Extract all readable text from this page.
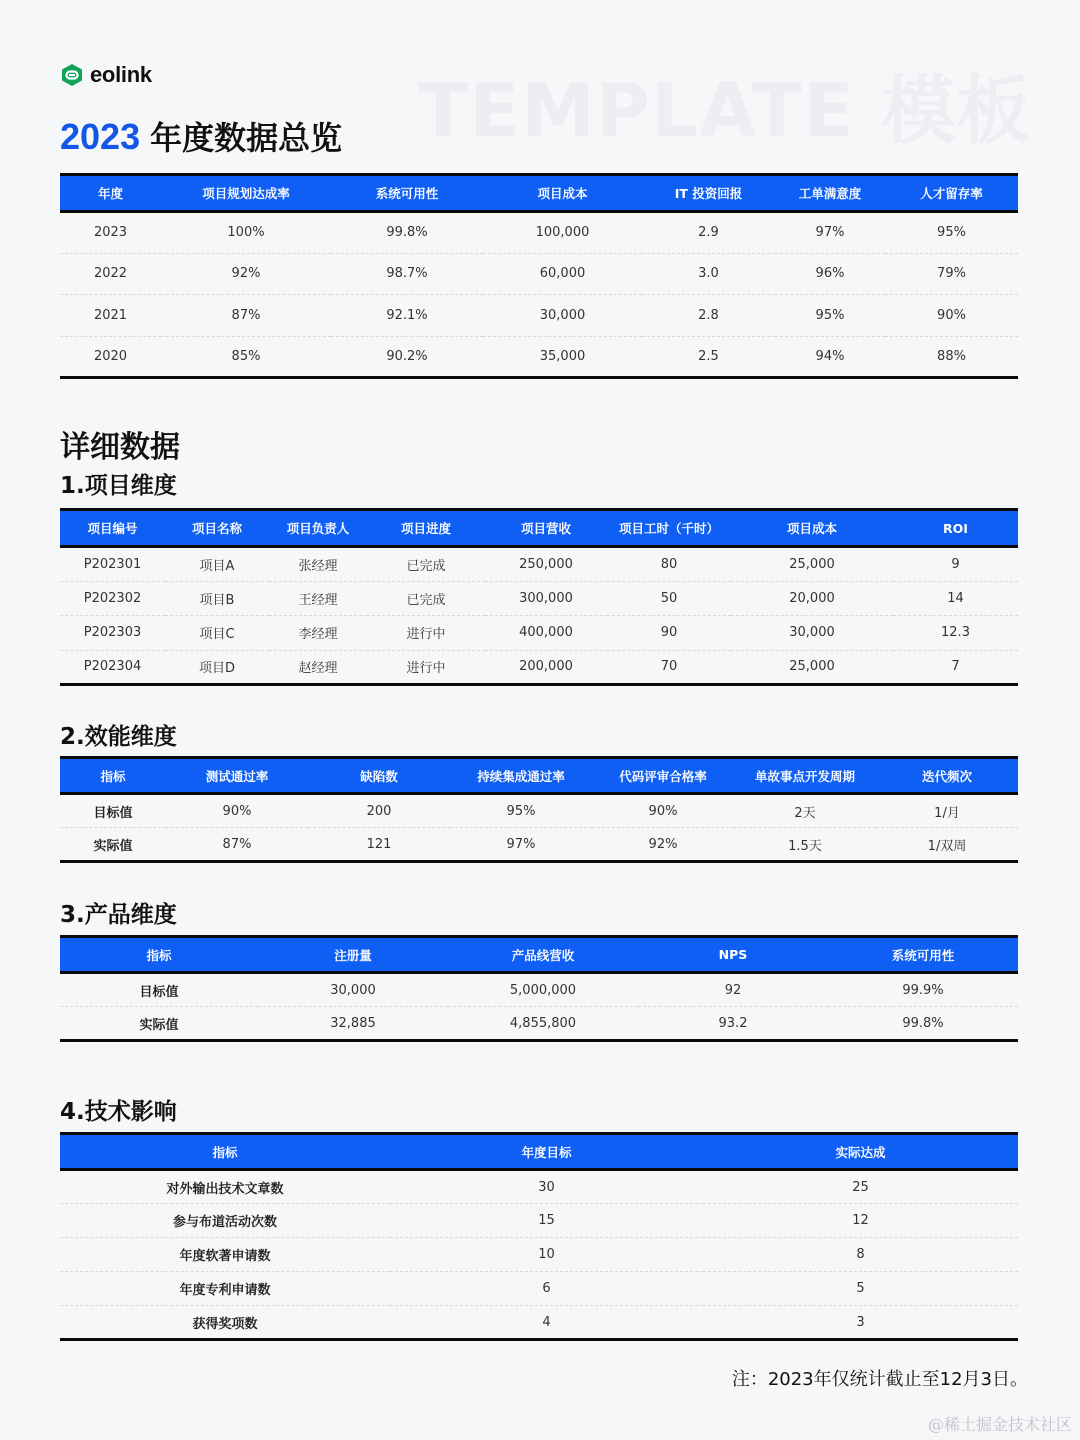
TEMPLATE 模板
eolink
2023 年度数据总览
年度	项目规划达成率	系统可用性	项目成本	IT 投资回报	工单满意度	人才留存率
2023	100%	99.8%	100,000	2.9	97%	95%
2022	92%	98.7%	60,000	3.0	96%	79%
2021	87%	92.1%	30,000	2.8	95%	90%
2020	85%	90.2%	35,000	2.5	94%	88%
详细数据
1.项目维度
项目编号	项目名称	项目负责人	项目进度	项目营收	项目工时（千时）	项目成本	ROI
P202301	项目A	张经理	已完成	250,000	80	25,000	9
P202302	项目B	王经理	已完成	300,000	50	20,000	14
P202303	项目C	李经理	进行中	400,000	90	30,000	12.3
P202304	项目D	赵经理	进行中	200,000	70	25,000	7
2.效能维度
指标	测试通过率	缺陷数	持续集成通过率	代码评审合格率	单故事点开发周期	迭代频次
目标值	90%	200	95%	90%	2天	1/月
实际值	87%	121	97%	92%	1.5天	1/双周
3.产品维度
指标	注册量	产品线营收	NPS	系统可用性
目标值	30,000	5,000,000	92	99.9%
实际值	32,885	4,855,800	93.2	99.8%
4.技术影响
指标	年度目标	实际达成
对外输出技术文章数	30	25
参与布道活动次数	15	12
年度软著申请数	10	8
年度专利申请数	6	5
获得奖项数	4	3
注：2023年仅统计截止至12月3日。
@稀土掘金技术社区
